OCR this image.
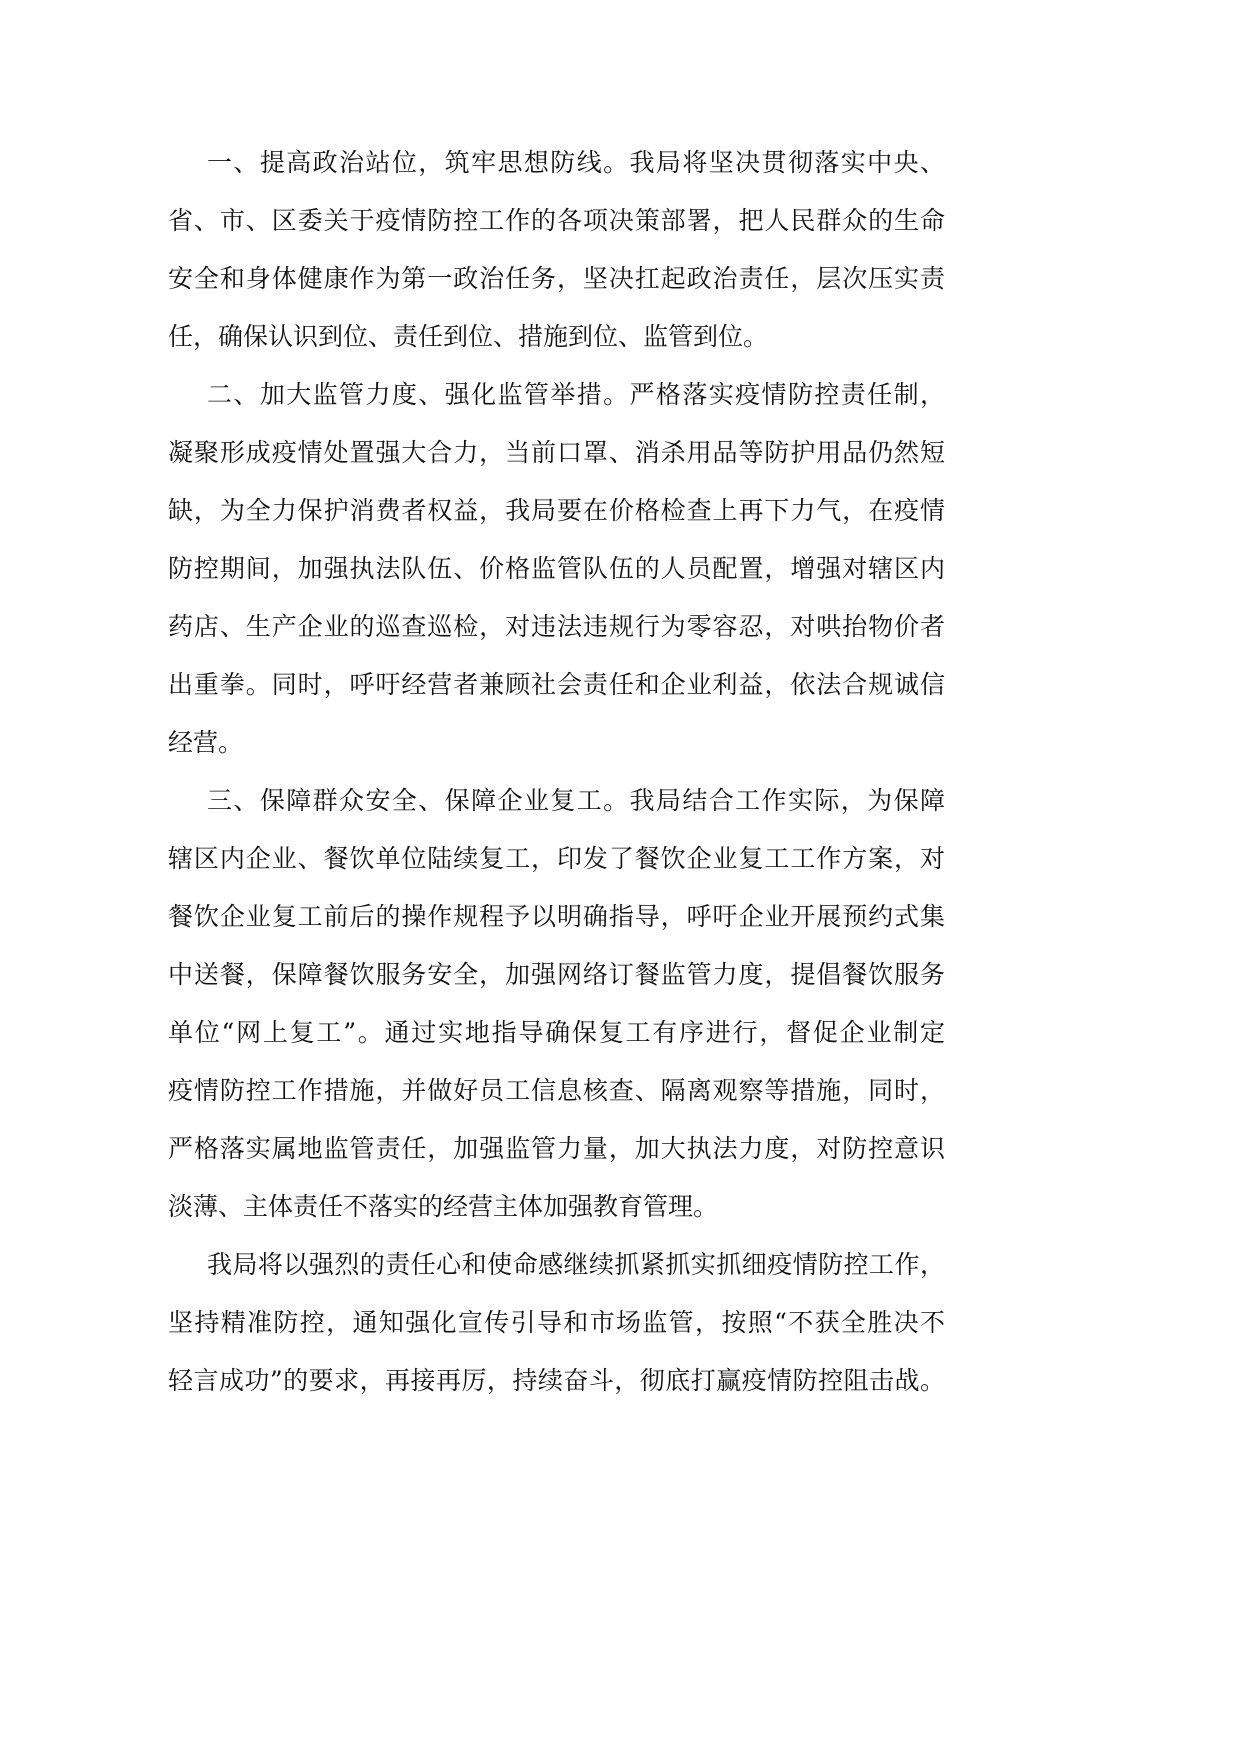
一、提高政治站位，筑牢思想防线。我局将坚决贯彻落实中央、
省、市、区委关于疫情防控工作的各项决策部署，把人民群众的生命
安全和身体健康作为第一政治任务，坚决扛起政治责任，层次压实责
任，确保认识到位、责任到位、措施到位、监管到位。
二、加大监管力度、强化监管举措。严格落实疫情防控责任制，
凝聚形成疫情处置强大合力，当前口罩、消杀用品等防护用品仍然短
缺，为全力保护消费者权益，我局要在价格检查上再下力气，在疫情
防控期间，加强执法队伍、价格监管队伍的人员配置，增强对辖区内
药店、生产企业的巡查巡检，对违法违规行为零容忍，对哄抬物价者
出重拳。同时，呼吁经营者兼顾社会责任和企业利益，依法合规诚信
经营。
三、保障群众安全、保障企业复工。我局结合工作实际，为保障
辖区内企业、餐饮单位陆续复工，印发了餐饮企业复工工作方案，对
餐饮企业复工前后的操作规程予以明确指导，呼吁企业开展预约式集
中送餐，保障餐饮服务安全，加强网络订餐监管力度，提倡餐饮服务
单位“网上复工”。通过实地指导确保复工有序进行，督促企业制定
疫情防控工作措施，并做好员工信息核查、隔离观察等措施，同时，
严格落实属地监管责任，加强监管力量，加大执法力度，对防控意识
淡薄、主体责任不落实的经营主体加强教育管理。
我局将以强烈的责任心和使命感继续抓紧抓实抓细疫情防控工作，
坚持精准防控，通知强化宣传引导和市场监管，按照“不获全胜决不
轻言成功”的要求，再接再厉，持续奋斗，彻底打赢疫情防控阻击战。
